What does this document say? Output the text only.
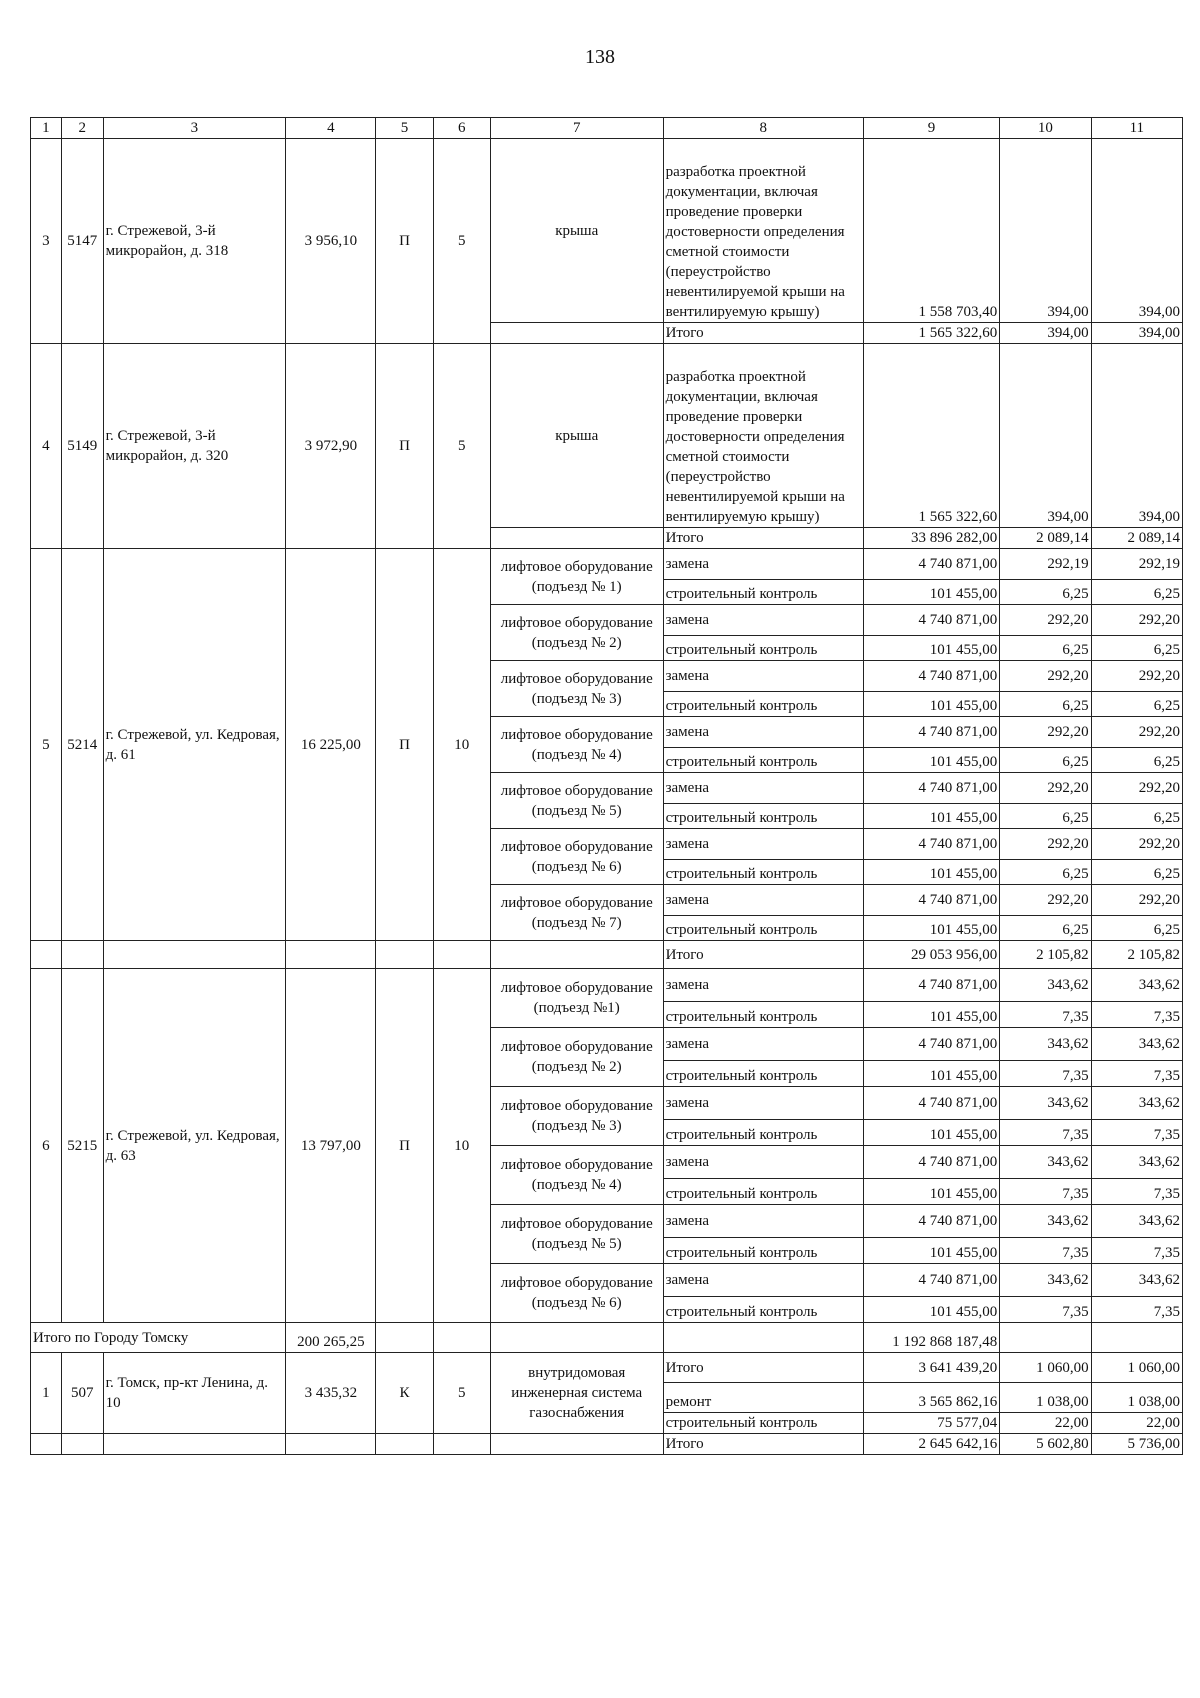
138
1	2	3	4	5	6	7	8	9	10	11
3	5147	г. Стрежевой, 3-й микрорайон, д. 318	3 956,10	П	5	крыша	разработка проектной документации, включая проведение проверки достоверности определения сметной стоимости (переустройство невентилируемой крыши на вентилируемую крышу)	1 558 703,40	394,00	394,00
							Итого	1 565 322,60	394,00	394,00
4	5149	г. Стрежевой, 3-й микрорайон, д. 320	3 972,90	П	5	крыша	разработка проектной документации, включая проведение проверки достоверности определения сметной стоимости (переустройство невентилируемой крыши на вентилируемую крышу)	1 565 322,60	394,00	394,00
							Итого	33 896 282,00	2 089,14	2 089,14
5	5214	г. Стрежевой, ул. Кедровая, д. 61	16 225,00	П	10	лифтовое оборудование (подъезд № 1)	замена	4 740 871,00	292,19	292,19
							строительный контроль	101 455,00	6,25	6,25
						лифтовое оборудование (подъезд № 2)	замена	4 740 871,00	292,20	292,20
							строительный контроль	101 455,00	6,25	6,25
						лифтовое оборудование (подъезд № 3)	замена	4 740 871,00	292,20	292,20
							строительный контроль	101 455,00	6,25	6,25
						лифтовое оборудование (подъезд № 4)	замена	4 740 871,00	292,20	292,20
							строительный контроль	101 455,00	6,25	6,25
						лифтовое оборудование (подъезд № 5)	замена	4 740 871,00	292,20	292,20
							строительный контроль	101 455,00	6,25	6,25
						лифтовое оборудование (подъезд № 6)	замена	4 740 871,00	292,20	292,20
							строительный контроль	101 455,00	6,25	6,25
						лифтовое оборудование (подъезд № 7)	замена	4 740 871,00	292,20	292,20
							строительный контроль	101 455,00	6,25	6,25
							Итого	29 053 956,00	2 105,82	2 105,82
6	5215	г. Стрежевой, ул. Кедровая, д. 63	13 797,00	П	10	лифтовое оборудование (подъезд №1)	замена	4 740 871,00	343,62	343,62
							строительный контроль	101 455,00	7,35	7,35
						лифтовое оборудование (подъезд № 2)	замена	4 740 871,00	343,62	343,62
							строительный контроль	101 455,00	7,35	7,35
						лифтовое оборудование (подъезд № 3)	замена	4 740 871,00	343,62	343,62
							строительный контроль	101 455,00	7,35	7,35
						лифтовое оборудование (подъезд № 4)	замена	4 740 871,00	343,62	343,62
							строительный контроль	101 455,00	7,35	7,35
						лифтовое оборудование (подъезд № 5)	замена	4 740 871,00	343,62	343,62
							строительный контроль	101 455,00	7,35	7,35
						лифтовое оборудование (подъезд № 6)	замена	4 740 871,00	343,62	343,62
							строительный контроль	101 455,00	7,35	7,35
Итого по Городу Томску			200 265,25					1 192 868 187,48		
1	507	г. Томск, пр-кт Ленина, д. 10	3 435,32	К	5	внутридомовая инженерная система газоснабжения	Итого	3 641 439,20	1 060,00	1 060,00
							ремонт	3 565 862,16	1 038,00	1 038,00
							строительный контроль	75 577,04	22,00	22,00
							Итого	2 645 642,16	5 602,80	5 736,00
